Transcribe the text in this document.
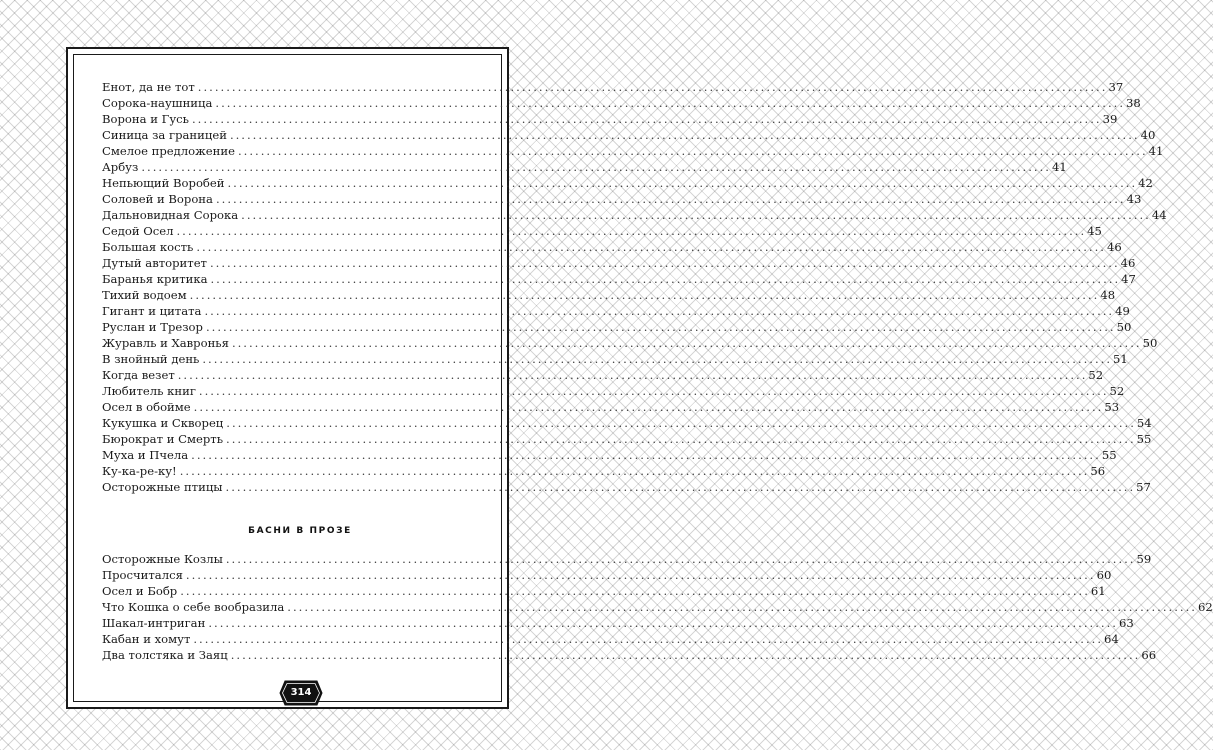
Енот, да не тот ................................................................................................................................................................ 37
Сорока-наушница ................................................................................................................................................................ 38
Ворона и Гусь ................................................................................................................................................................ 39
Синица за границей ................................................................................................................................................................ 40
Смелое предложение ................................................................................................................................................................ 41
Арбуз ................................................................................................................................................................ 41
Непьющий Воробей ................................................................................................................................................................ 42
Соловей и Ворона ................................................................................................................................................................ 43
Дальновидная Сорока ................................................................................................................................................................ 44
Седой Осел ................................................................................................................................................................ 45
Большая кость ................................................................................................................................................................ 46
Дутый авторитет ................................................................................................................................................................ 46
Баранья критика ................................................................................................................................................................ 47
Тихий водоем ................................................................................................................................................................ 48
Гигант и цитата ................................................................................................................................................................ 49
Руслан и Трезор ................................................................................................................................................................ 50
Журавль и Хавронья ................................................................................................................................................................ 50
В знойный день ................................................................................................................................................................ 51
Когда везет ................................................................................................................................................................ 52
Любитель книг ................................................................................................................................................................ 52
Осел в обойме ................................................................................................................................................................ 53
Кукушка и Скворец ................................................................................................................................................................ 54
Бюрократ и Смерть ................................................................................................................................................................ 55
Муха и Пчела ................................................................................................................................................................ 55
Ку-ка-ре-ку! ................................................................................................................................................................ 56
Осторожные птицы ................................................................................................................................................................ 57
БАСНИ В ПРОЗЕ
Осторожные Козлы ................................................................................................................................................................ 59
Просчитался ................................................................................................................................................................ 60
Осел и Бобр ................................................................................................................................................................ 61
Что Кошка о себе вообразила ................................................................................................................................................................ 62
Шакал-интриган ................................................................................................................................................................ 63
Кабан и хомут ................................................................................................................................................................ 64
Два толстяка и Заяц ................................................................................................................................................................ 66
314
